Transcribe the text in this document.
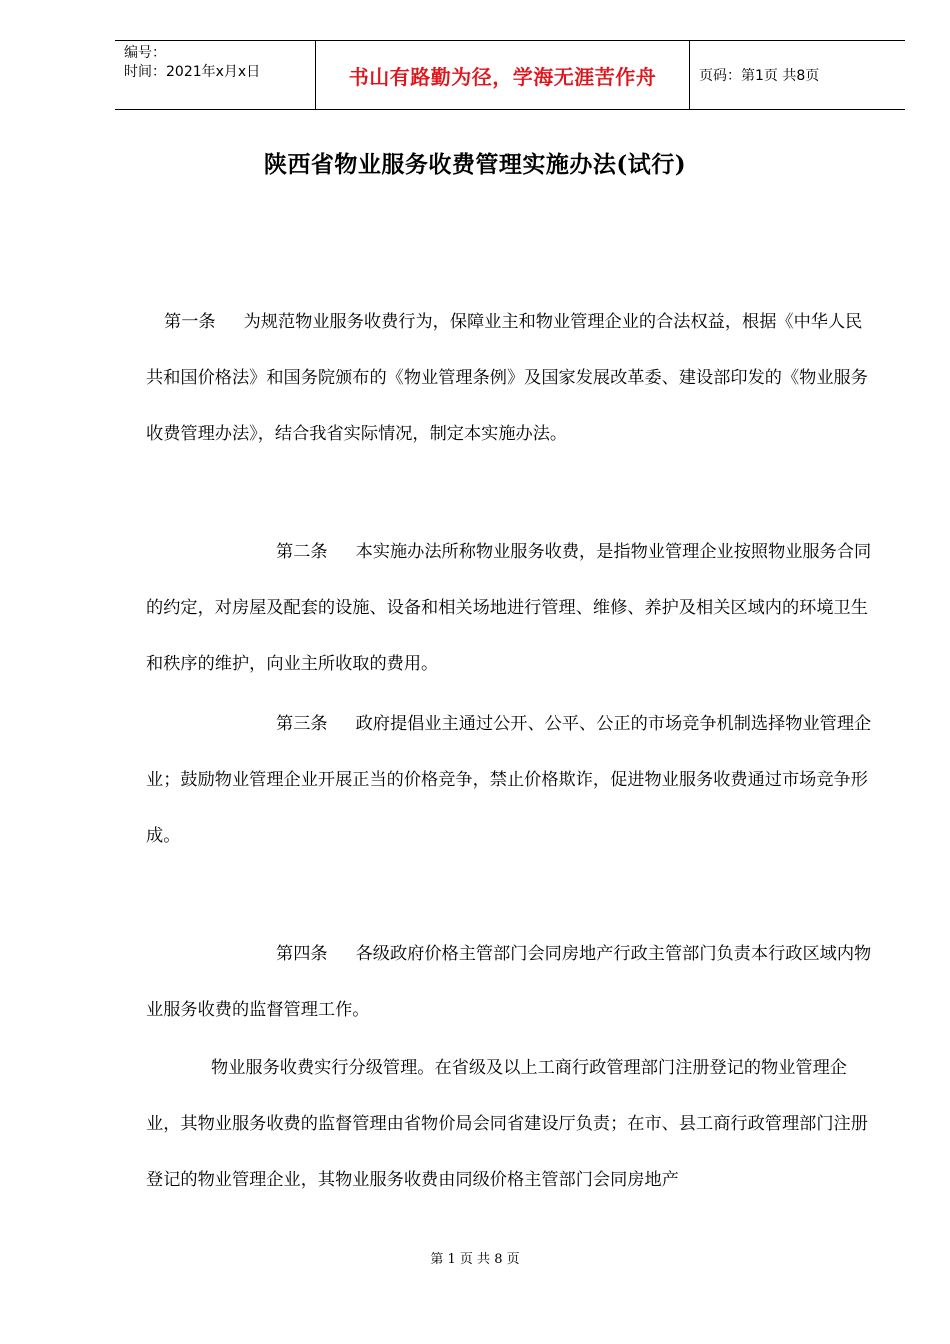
编号：
时间：2021年x月x日	书山有路勤为径，学海无涯苦作舟	页码：第1页 共8页
陕西省物业服务收费管理实施办法(试行)

第一条 为规范物业服务收费行为，保障业主和物业管理企业的合法权益，根据《中华人民共和国价格法》和国务院颁布的《物业管理条例》及国家发展改革委、建设部印发的《物业服务收费管理办法》，结合我省实际情况，制定本实施办法。

第二条 本实施办法所称物业服务收费，是指物业管理企业按照物业服务合同的约定，对房屋及配套的设施、设备和相关场地进行管理、维修、养护及相关区域内的环境卫生和秩序的维护，向业主所收取的费用。

第三条 政府提倡业主通过公开、公平、公正的市场竞争机制选择物业管理企业；鼓励物业管理企业开展正当的价格竞争，禁止价格欺诈，促进物业服务收费通过市场竞争形成。

第四条 各级政府价格主管部门会同房地产行政主管部门负责本行政区域内物业服务收费的监督管理工作。

物业服务收费实行分级管理。在省级及以上工商行政管理部门注册登记的物业管理企业，其物业服务收费的监督管理由省物价局会同省建设厅负责；在市、县工商行政管理部门注册登记的物业管理企业，其物业服务收费由同级价格主管部门会同房地产

第 1 页 共 8 页
